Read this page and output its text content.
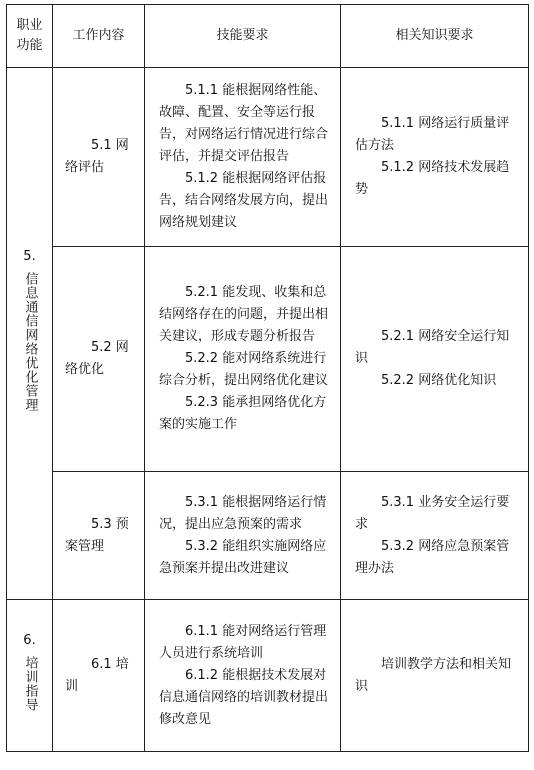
职业功能	工作内容	技能要求	相关知识要求

5.
信息通信网络优化管理	5.1 网络评估	5.1.1 能根据网络性能、故障、配置、安全等运行报告，对网络运行情况进行综合评估，并提交评估报告
5.1.2 能根据网络评估报告，结合网络发展方向，提出网络规划建议	5.1.1 网络运行质量评估方法
5.1.2 网络技术发展趋势

	5.2 网络优化	5.2.1 能发现、收集和总结网络存在的问题，并提出相关建议，形成专题分析报告
5.2.2 能对网络系统进行综合分析，提出网络优化建议
5.2.3 能承担网络优化方案的实施工作	5.2.1 网络安全运行知识
5.2.2 网络优化知识

	5.3 预案管理	5.3.1 能根据网络运行情况，提出应急预案的需求
5.3.2 能组织实施网络应急预案并提出改进建议	5.3.1 业务安全运行要求
5.3.2 网络应急预案管理办法

6.
培训指导	6.1 培训	6.1.1 能对网络运行管理人员进行系统培训
6.1.2 能根据技术发展对信息通信网络的培训教材提出修改意见	培训教学方法和相关知识
